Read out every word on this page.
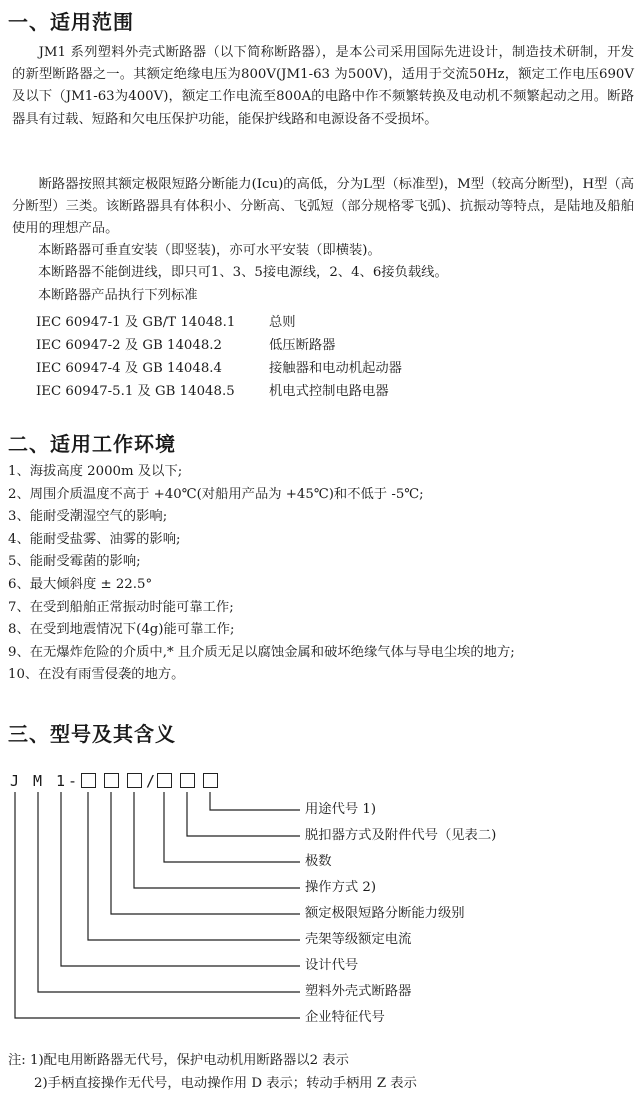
一、适用范围

JM1 系列塑料外壳式断路器（以下简称断路器），是本公司采用国际先进设计，制造技术研制，开发的新型断路器之一。其额定绝缘电压为800V(JM1-63 为500V)，适用于交流50Hz，额定工作电压690V及以下（JM1-63为400V)，额定工作电流至800A的电路中作不频繁转换及电动机不频繁起动之用。断路器具有过载、短路和欠电压保护功能，能保护线路和电源设备不受损坏。

断路器按照其额定极限短路分断能力(Icu)的高低，分为L型（标准型)，M型（较高分断型)，H型（高分断型）三类。该断路器具有体积小、分断高、飞弧短（部分规格零飞弧)、抗振动等特点，是陆地及船舶使用的理想产品。

本断路器可垂直安装（即竖装)，亦可水平安装（即横装)。

本断路器不能倒进线，即只可1、3、5接电源线，2、4、6接负载线。

本断路器产品执行下列标准

IEC 60947-1 及 GB/T 14048.1	总则
IEC 60947-2 及 GB 14048.2	低压断路器
IEC 60947-4 及 GB 14048.4	接触器和电动机起动器
IEC 60947-5.1 及 GB 14048.5	机电式控制电路电器
二、适用工作环境
1、海拔高度 2000m 及以下;
2、周围介质温度不高于 +40℃(对船用产品为 +45℃)和不低于 -5℃;
3、能耐受潮湿空气的影响;
4、能耐受盐雾、油雾的影响;
5、能耐受霉菌的影响;
6、最大倾斜度 ± 22.5°
7、在受到船舶正常振动时能可靠工作;
8、在受到地震情况下(4g)能可靠工作;
9、在无爆炸危险的介质中,* 且介质无足以腐蚀金属和破坏绝缘气体与导电尘埃的地方;
10、在没有雨雪侵袭的地方。
三、型号及其含义
J M 1 -	/

用途代号 1)

脱扣器方式及附件代号（见表二)

极数

操作方式 2)

额定极限短路分断能力级别

壳架等级额定电流

设计代号

塑料外壳式断路器

企业特征代号

注: 1)配电用断路器无代号，保护电动机用断路器以2 表示

2)手柄直接操作无代号，电动操作用 D 表示；转动手柄用 Z 表示
